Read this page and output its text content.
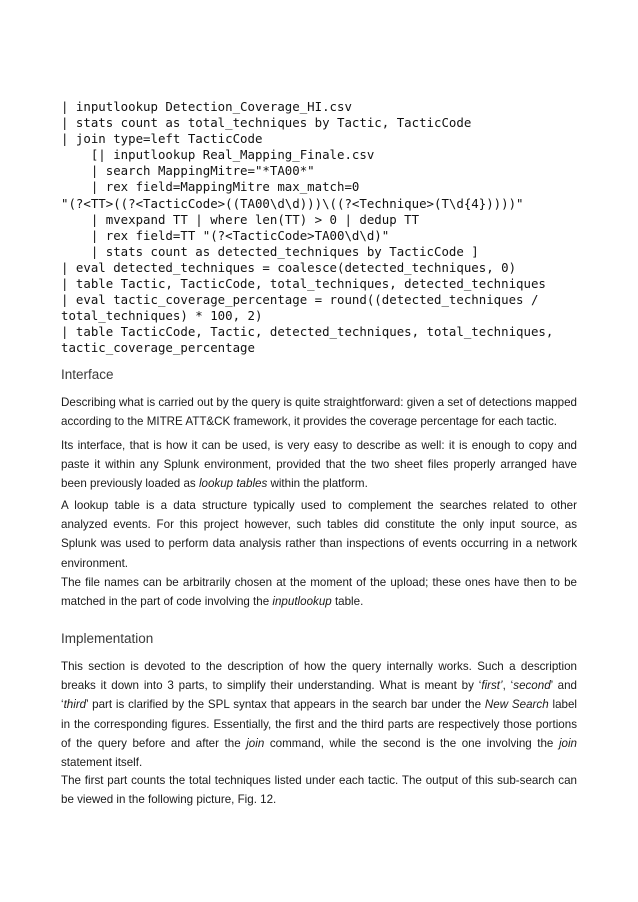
| inputlookup Detection_Coverage_HI.csv
| stats count as total_techniques by Tactic, TacticCode
| join type=left TacticCode
[| inputlookup Real_Mapping_Finale.csv
| search MappingMitre="*TA00*"
| rex field=MappingMitre max_match=0
"(?<TT>((?<TacticCode>((TA00\d\d)))\((?<Technique>(T\d{4}))))"
| mvexpand TT | where len(TT) > 0 | dedup TT
| rex field=TT "(?<TacticCode>TA00\d\d)"
| stats count as detected_techniques by TacticCode ]
| eval detected_techniques = coalesce(detected_techniques, 0)
| table Tactic, TacticCode, total_techniques, detected_techniques
| eval tactic_coverage_percentage = round((detected_techniques /
total_techniques) * 100, 2)
| table TacticCode, Tactic, detected_techniques, total_techniques,
tactic_coverage_percentage
Interface

Describing what is carried out by the query is quite straightforward: given a set of detections mapped according to the MITRE ATT&CK framework, it provides the coverage percentage for each tactic.

Its interface, that is how it can be used, is very easy to describe as well: it is enough to copy and paste it within any Splunk environment, provided that the two sheet files properly arranged have been previously loaded as lookup tables within the platform.

A lookup table is a data structure typically used to complement the searches related to other analyzed events. For this project however, such tables did constitute the only input source, as Splunk was used to perform data analysis rather than inspections of events occurring in a network environment.

The file names can be arbitrarily chosen at the moment of the upload; these ones have then to be matched in the part of code involving the inputlookup table.

Implementation

This section is devoted to the description of how the query internally works. Such a description breaks it down into 3 parts, to simplify their understanding. What is meant by ‘first’, ‘second’ and ‘third’ part is clarified by the SPL syntax that appears in the search bar under the New Search label in the corresponding figures. Essentially, the first and the third parts are respectively those portions of the query before and after the join command, while the second is the one involving the join statement itself.

The first part counts the total techniques listed under each tactic. The output of this sub-search can be viewed in the following picture, Fig. 12.
